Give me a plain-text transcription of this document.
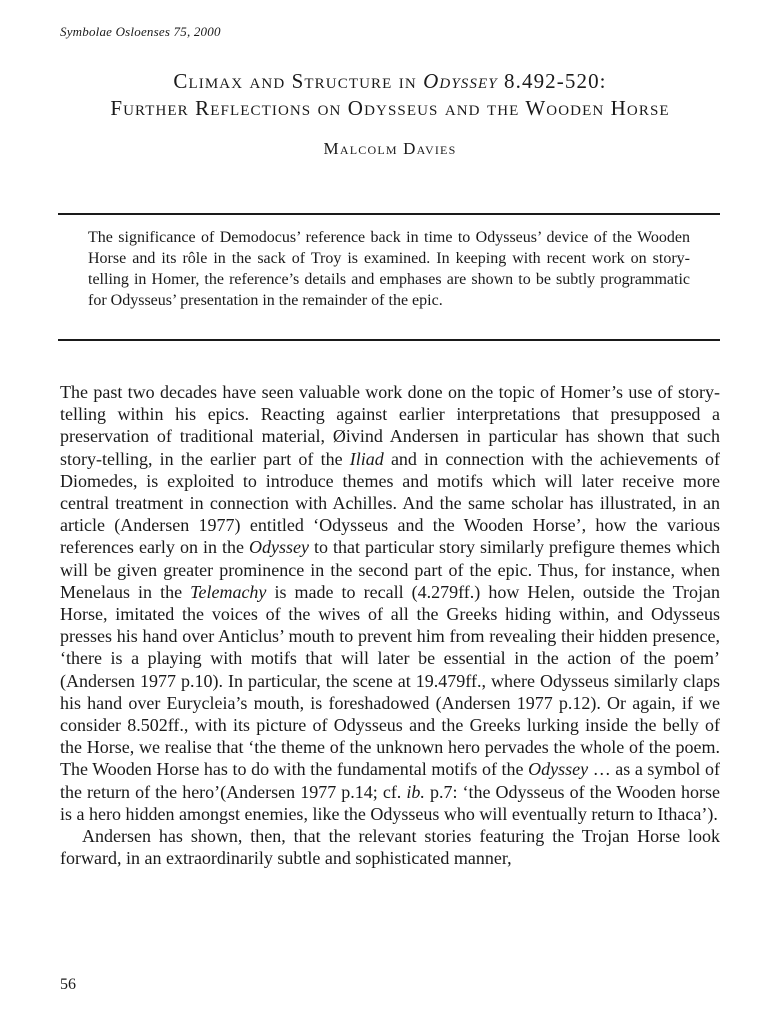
Symbolae Osloenses 75, 2000
Climax and Structure in Odyssey 8.492-520:
Further Reflections on Odysseus and the Wooden Horse
Malcolm Davies
The significance of Demodocus’ reference back in time to Odysseus’ device of the Wooden Horse and its rôle in the sack of Troy is examined. In keeping with recent work on story-telling in Homer, the reference’s details and emphases are shown to be subtly programmatic for Odysseus’ presentation in the remainder of the epic.

The past two decades have seen valuable work done on the topic of Homer’s use of story-telling within his epics. Reacting against earlier interpretations that presupposed a preservation of traditional material, Øivind Andersen in particular has shown that such story-telling, in the earlier part of the Iliad and in connection with the achievements of Diomedes, is exploited to introduce themes and motifs which will later receive more central treatment in connection with Achilles. And the same scholar has illustrated, in an article (Andersen 1977) entitled ‘Odysseus and the Wooden Horse’, how the various references early on in the Odyssey to that particular story similarly prefigure themes which will be given greater prominence in the second part of the epic. Thus, for instance, when Menelaus in the Telemachy is made to recall (4.279ff.) how Helen, outside the Trojan Horse, imitated the voices of the wives of all the Greeks hiding within, and Odysseus presses his hand over Anticlus’ mouth to prevent him from revealing their hidden presence, ‘there is a playing with motifs that will later be essential in the action of the poem’ (Andersen 1977 p.10). In particular, the scene at 19.479ff., where Odysseus similarly claps his hand over Eurycleia’s mouth, is foreshadowed (Andersen 1977 p.12). Or again, if we consider 8.502ff., with its picture of Odysseus and the Greeks lurking inside the belly of the Horse, we realise that ‘the theme of the unknown hero pervades the whole of the poem. The Wooden Horse has to do with the fundamental motifs of the Odyssey … as a symbol of the return of the hero’(Andersen 1977 p.14; cf. ib. p.7: ‘the Odysseus of the Wooden horse is a hero hidden amongst enemies, like the Odysseus who will eventually return to Ithaca’).

Andersen has shown, then, that the relevant stories featuring the Trojan Horse look forward, in an extraordinarily subtle and sophisticated manner,

56
